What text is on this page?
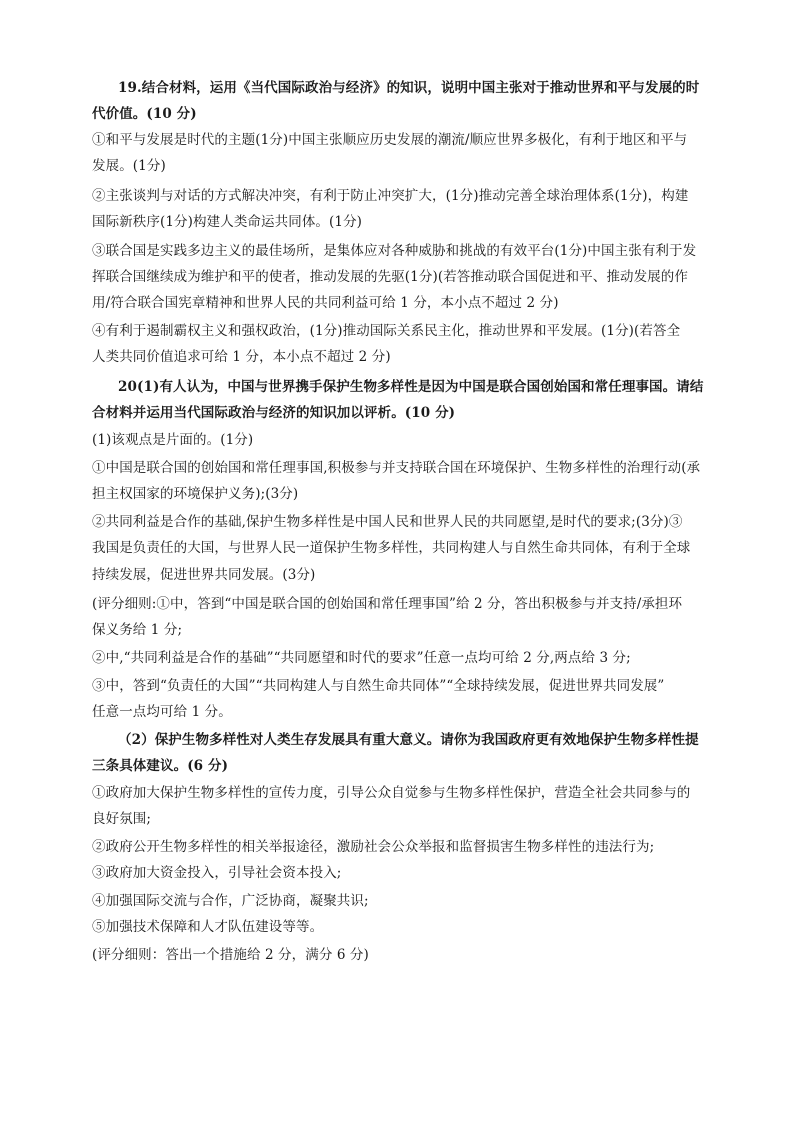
19.结合材料，运用《当代国际政治与经济》的知识，说明中国主张对于推动世界和平与发展的时
代价值。(10 分)
①和平与发展是时代的主题(1分)中国主张顺应历史发展的潮流/顺应世界多极化，有利于地区和平与
发展。(1分)
②主张谈判与对话的方式解决冲突，有利于防止冲突扩大，(1分)推动完善全球治理体系(1分)，构建
国际新秩序(1分)构建人类命运共同体。(1分)
③联合国是实践多边主义的最佳场所，是集体应对各种威胁和挑战的有效平台(1分)中国主张有利于发
挥联合国继续成为维护和平的使者，推动发展的先驱(1分)(若答推动联合国促进和平、推动发展的作
用/符合联合国宪章精神和世界人民的共同利益可给 1 分，本小点不超过 2 分)
④有利于遏制霸权主义和强权政治，(1分)推动国际关系民主化，推动世界和平发展。(1分)(若答全
人类共同价值追求可给 1 分，本小点不超过 2 分)
20(1)有人认为，中国与世界携手保护生物多样性是因为中国是联合国创始国和常任理事国。请结
合材料并运用当代国际政治与经济的知识加以评析。(10 分)
(1)该观点是片面的。(1分)
①中国是联合国的创始国和常任理事国,积极参与并支持联合国在环境保护、生物多样性的治理行动(承
担主权国家的环境保护义务);(3分)
②共同利益是合作的基础,保护生物多样性是中国人民和世界人民的共同愿望,是时代的要求;(3分)③
我国是负责任的大国，与世界人民一道保护生物多样性，共同构建人与自然生命共同体，有利于全球
持续发展，促进世界共同发展。(3分)
(评分细则:①中，答到“中国是联合国的创始国和常任理事国”给 2 分，答出积极参与并支持/承担环
保义务给 1 分;
②中,“共同利益是合作的基础”“共同愿望和时代的要求”任意一点均可给 2 分,两点给 3 分;
③中，答到“负责任的大国”“共同构建人与自然生命共同体”“全球持续发展，促进世界共同发展”
任意一点均可给 1 分。
（2）保护生物多样性对人类生存发展具有重大意义。请你为我国政府更有效地保护生物多样性提
三条具体建议。(6 分)
①政府加大保护生物多样性的宣传力度，引导公众自觉参与生物多样性保护，营造全社会共同参与的
良好氛围;
②政府公开生物多样性的相关举报途径，激励社会公众举报和监督损害生物多样性的违法行为;
③政府加大资金投入，引导社会资本投入;
④加强国际交流与合作，广泛协商，凝聚共识;
⑤加强技术保障和人才队伍建设等等。
(评分细则：答出一个措施给 2 分，满分 6 分)
